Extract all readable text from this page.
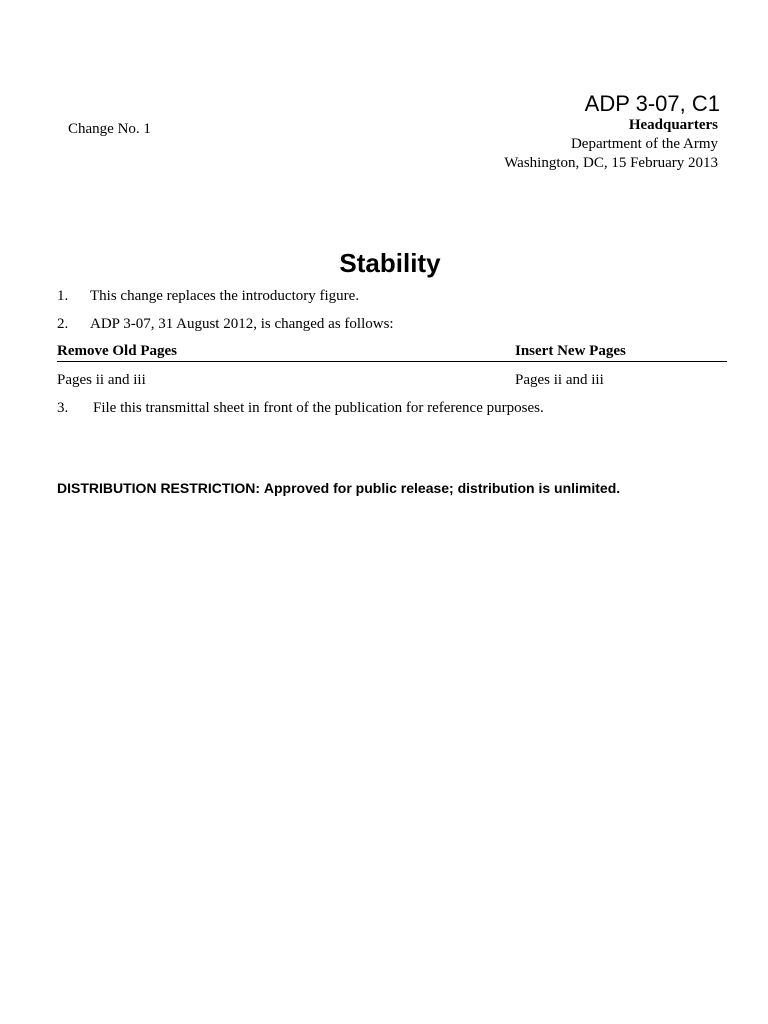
ADP 3-07, C1
Change No. 1	Headquarters
Department of the Army
Washington, DC, 15 February 2013
Stability
1. This change replaces the introductory figure.
2. ADP 3-07, 31 August 2012, is changed as follows:
Remove Old Pages	Insert New Pages
Pages ii and iii	Pages ii and iii
3. File this transmittal sheet in front of the publication for reference purposes.
DISTRIBUTION RESTRICTION: Approved for public release; distribution is unlimited.
